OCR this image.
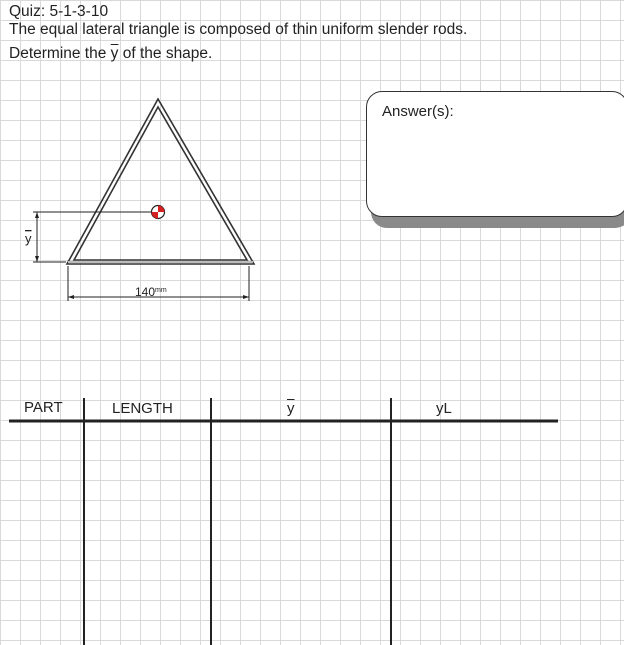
Quiz: 5-1-3-10
The equal lateral triangle is composed of thin uniform slender rods.
Determine the $\overline{y}$ of the shape.
y
$140^{mm}$
Answer(s):
PART	LENGTH	$\overline{y}$	yL
